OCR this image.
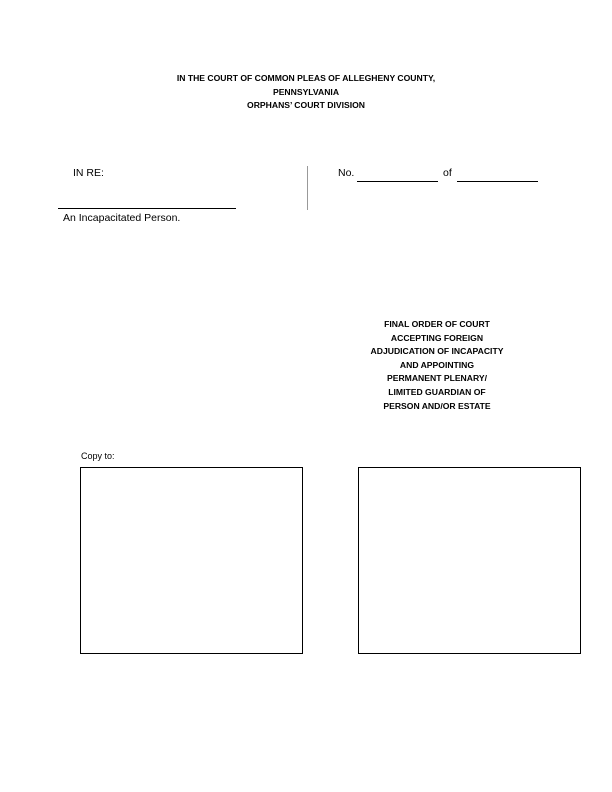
IN THE COURT OF COMMON PLEAS OF ALLEGHENY COUNTY,
PENNSYLVANIA
ORPHANS’ COURT DIVISION
IN RE:
An Incapacitated Person.
No.	of
FINAL ORDER OF COURT
ACCEPTING FOREIGN
ADJUDICATION OF INCAPACITY
AND APPOINTING
PERMANENT PLENARY/
LIMITED GUARDIAN OF
PERSON AND/OR ESTATE
Copy to:
